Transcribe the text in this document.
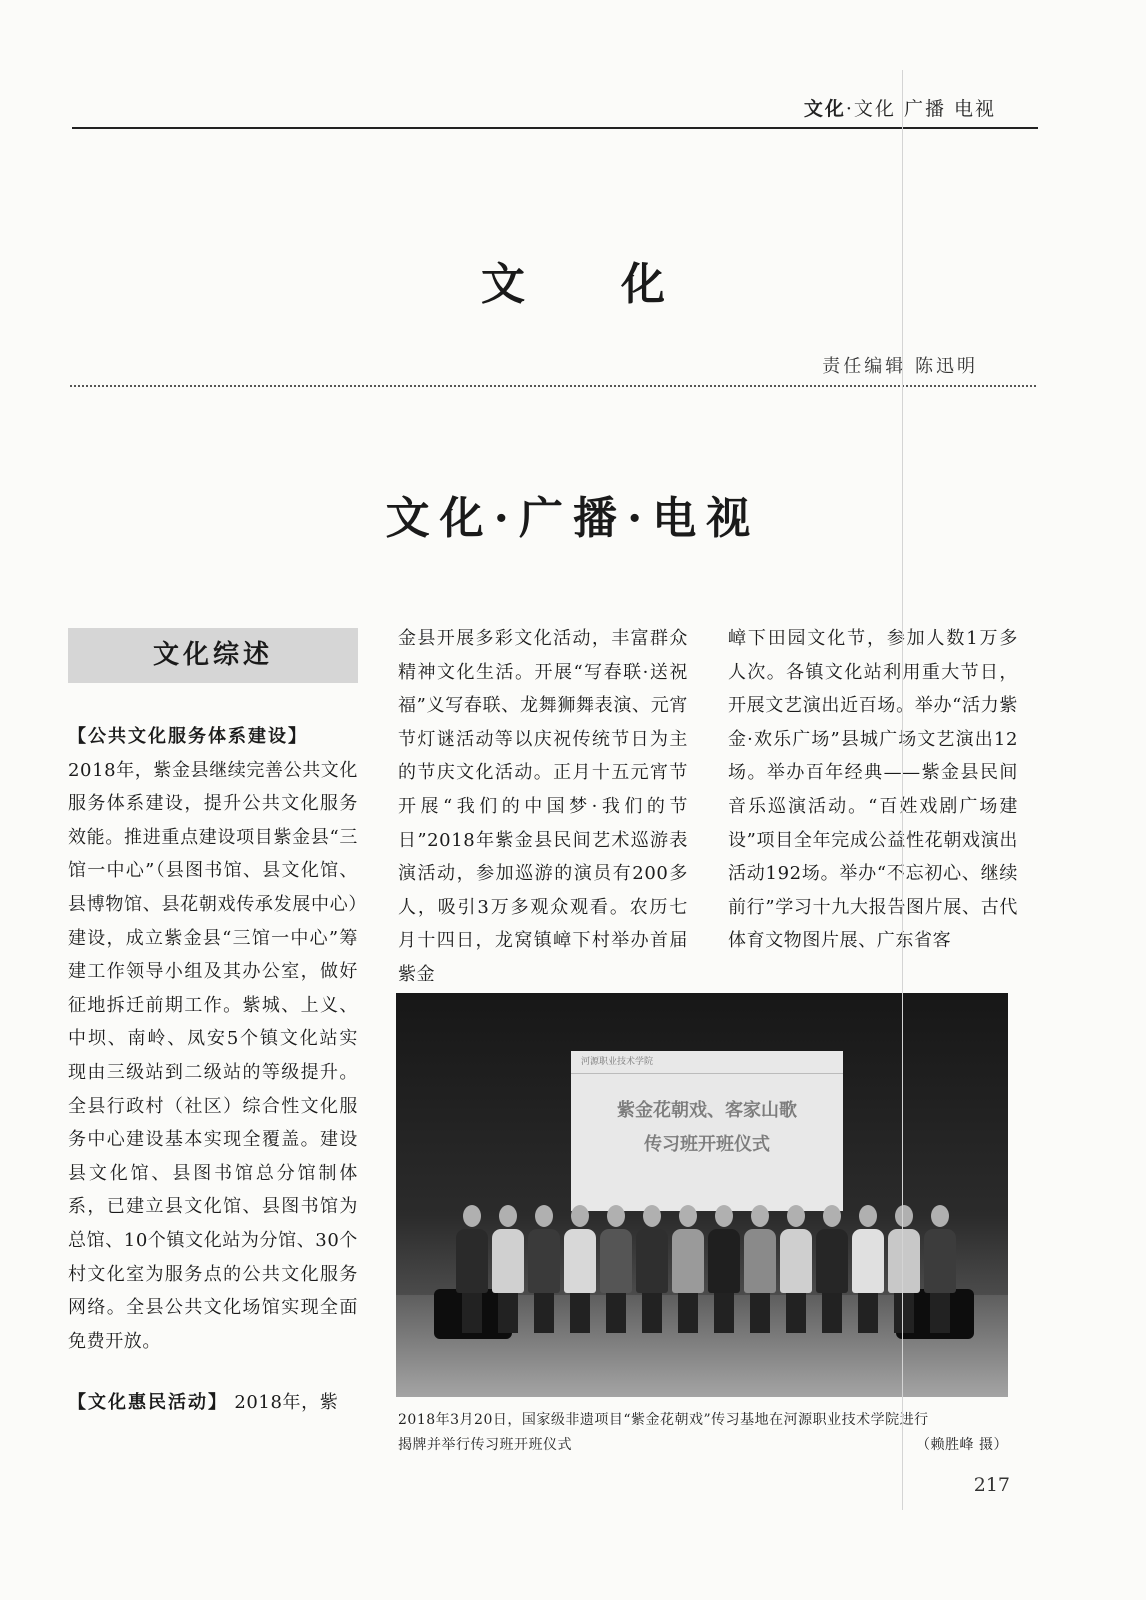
文化·文化 广播 电视
文化
责任编辑 陈迅明
文化·广播·电视
文化综述
【公共文化服务体系建设】
2018年，紫金县继续完善公共文化服务体系建设，提升公共文化服务效能。推进重点建设项目紫金县“三馆一中心”（县图书馆、县文化馆、县博物馆、县花朝戏传承发展中心）建设，成立紫金县“三馆一中心”筹建工作领导小组及其办公室，做好征地拆迁前期工作。紫城、上义、中坝、南岭、凤安5个镇文化站实现由三级站到二级站的等级提升。全县行政村（社区）综合性文化服务中心建设基本实现全覆盖。建设县文化馆、县图书馆总分馆制体系，已建立县文化馆、县图书馆为总馆、10个镇文化站为分馆、30个村文化室为服务点的公共文化服务网络。全县公共文化场馆实现全面免费开放。
【文化惠民活动】 2018年，紫
金县开展多彩文化活动，丰富群众精神文化生活。开展“写春联·送祝福”义写春联、龙舞狮舞表演、元宵节灯谜活动等以庆祝传统节日为主的节庆文化活动。正月十五元宵节开展“我们的中国梦·我们的节日”2018年紫金县民间艺术巡游表演活动，参加巡游的演员有200多人，吸引3万多观众观看。农历七月十四日，龙窝镇嶂下村举办首届紫金
嶂下田园文化节，参加人数1万多人次。各镇文化站利用重大节日，开展文艺演出近百场。举办“活力紫金·欢乐广场”县城广场文艺演出12场。举办百年经典——紫金县民间音乐巡演活动。“百姓戏剧广场建设”项目全年完成公益性花朝戏演出活动192场。举办“不忘初心、继续前行”学习十九大报告图片展、古代体育文物图片展、广东省客
河源职业技术学院
紫金花朝戏、客家山歌
传习班开班仪式
2018年3月20日，国家级非遗项目“紫金花朝戏”传习基地在河源职业技术学院进行
揭牌并举行传习班开班仪式	（赖胜峰 摄）
217
